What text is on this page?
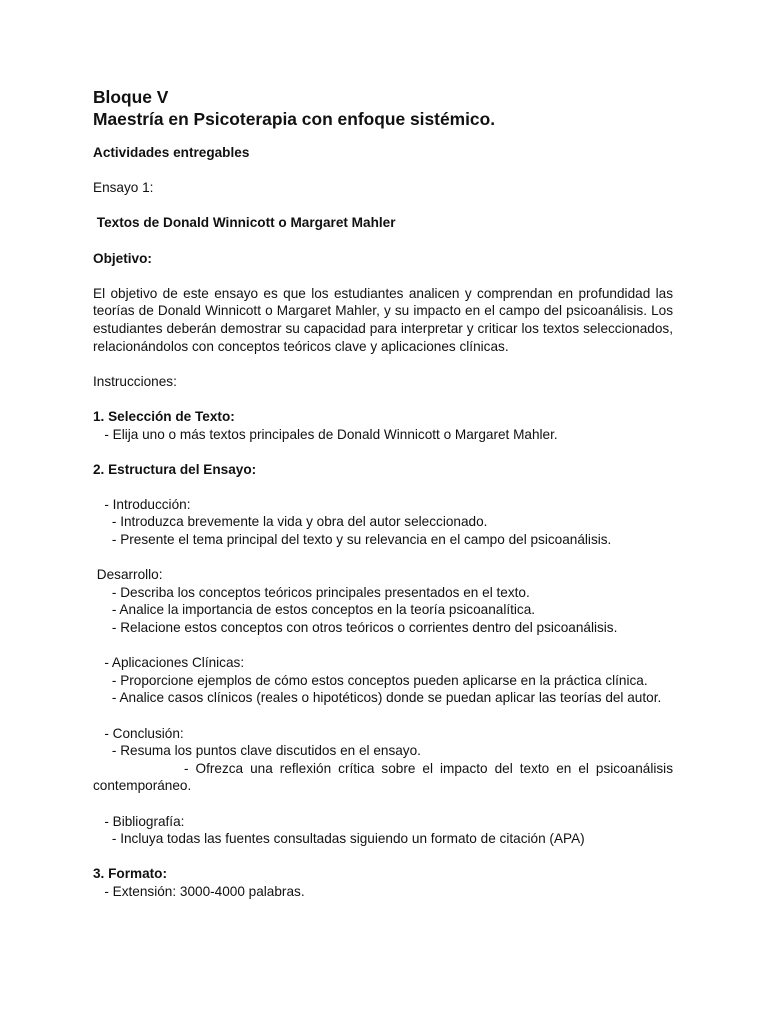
Bloque V

Maestría en Psicoterapia con enfoque sistémico.

Actividades entregables

Ensayo 1:

Textos de Donald Winnicott o Margaret Mahler

Objetivo:

El objetivo de este ensayo es que los estudiantes analicen y comprendan en profundidad las teorías de Donald Winnicott o Margaret Mahler, y su impacto en el campo del psicoanálisis. Los estudiantes deberán demostrar su capacidad para interpretar y criticar los textos seleccionados, relacionándolos con conceptos teóricos clave y aplicaciones clínicas.

Instrucciones:

1. Selección de Texto:

- Elija uno o más textos principales de Donald Winnicott o Margaret Mahler.

2. Estructura del Ensayo:

- Introducción:

- Introduzca brevemente la vida y obra del autor seleccionado.

- Presente el tema principal del texto y su relevancia en el campo del psicoanálisis.

Desarrollo:

- Describa los conceptos teóricos principales presentados en el texto.

- Analice la importancia de estos conceptos en la teoría psicoanalítica.

- Relacione estos conceptos con otros teóricos o corrientes dentro del psicoanálisis.

- Aplicaciones Clínicas:

- Proporcione ejemplos de cómo estos conceptos pueden aplicarse en la práctica clínica.

- Analice casos clínicos (reales o hipotéticos) donde se puedan aplicar las teorías del autor.

- Conclusión:

- Resuma los puntos clave discutidos en el ensayo.

- Ofrezca una reflexión crítica sobre el impacto del texto en el psicoanálisis contemporáneo.

- Bibliografía:

- Incluya todas las fuentes consultadas siguiendo un formato de citación (APA)

3. Formato:

- Extensión: 3000-4000 palabras.
